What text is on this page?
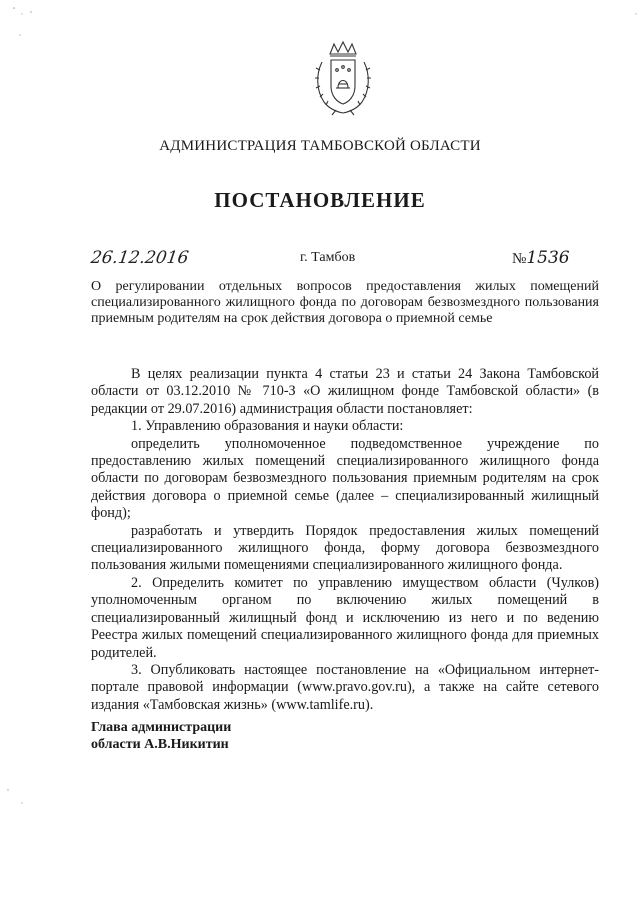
АДМИНИСТРАЦИЯ ТАМБОВСКОЙ ОБЛАСТИ
ПОСТАНОВЛЕНИЕ
26.12.2016	г. Тамбов	№1536
О регулировании отдельных вопросов предоставления жилых помещений специализированного жилищного фонда по договорам безвозмездного пользования приемным родителям на срок действия договора о приемной семье

В целях реализации пункта 4 статьи 23 и статьи 24 Закона Тамбовской области от 03.12.2010 № 710-З «О жилищном фонде Тамбовской области» (в редакции от 29.07.2016) администрация области постановляет:

1. Управлению образования и науки области:

определить уполномоченное подведомственное учреждение по предоставлению жилых помещений специализированного жилищного фонда области по договорам безвозмездного пользования приемным родителям на срок действия договора о приемной семье (далее – специализированный жилищный фонд);

разработать и утвердить Порядок предоставления жилых помещений специализированного жилищного фонда, форму договора безвозмездного пользования жилыми помещениями специализированного жилищного фонда.

2. Определить комитет по управлению имуществом области (Чулков) уполномоченным органом по включению жилых помещений в специализированный жилищный фонд и исключению из него и по ведению Реестра жилых помещений специализированного жилищного фонда для приемных родителей.

3. Опубликовать настоящее постановление на «Официальном интернет-портале правовой информации (www.pravo.gov.ru), а также на сайте сетевого издания «Тамбовская жизнь» (www.tamlife.ru).

Глава администрации
области А.В.Никитин
